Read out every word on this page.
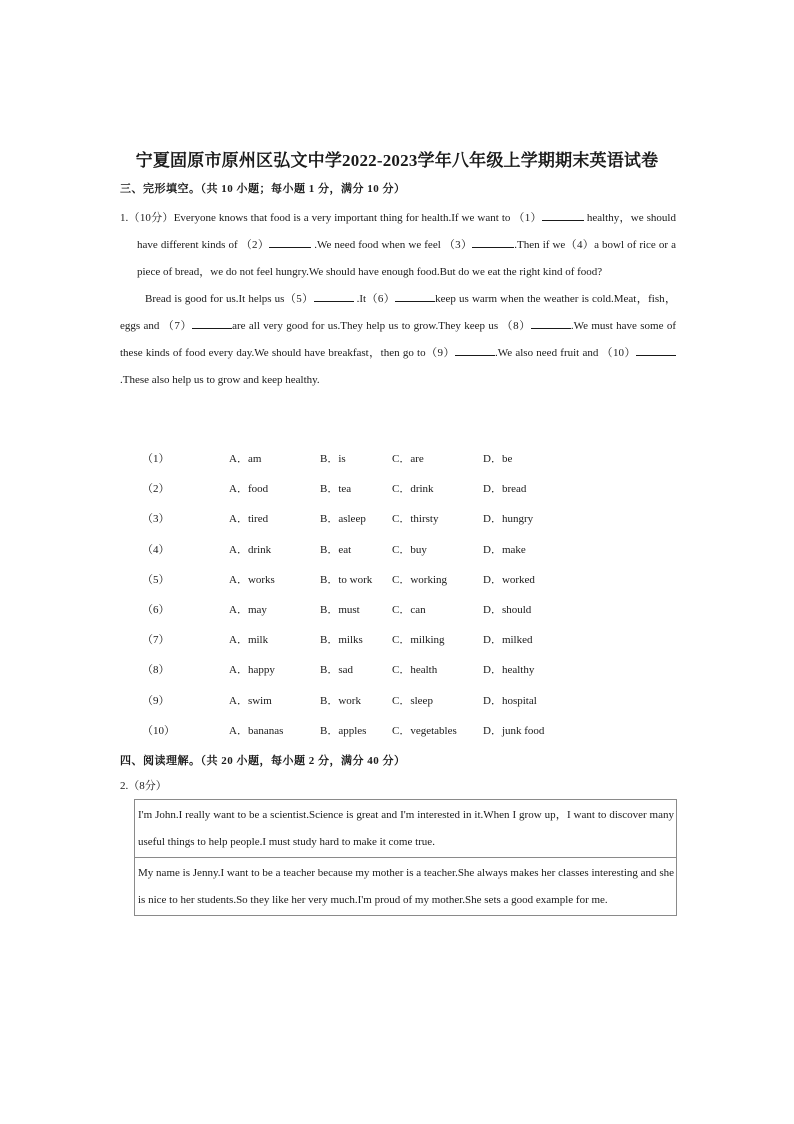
宁夏固原市原州区弘文中学2022-2023学年八年级上学期期末英语试卷
三、完形填空。（共 10 小题；每小题 1 分，满分 10 分）

1.（10分）Everyone knows that food is a very important thing for health.If we want to （1）	healthy，we should have different kinds of （2）	.We need food when we feel （3）	.Then if we（4）a bowl of rice or a piece of bread，we do not feel hungry.We should have enough food.But do we eat the right kind of food?

Bread is good for us.It helps us（5）	.It（6）	keep us warm when the weather is cold.Meat，fish，eggs and （7）	are all very good for us.They help us to grow.They keep us （8）	.We must have some of these kinds of food every day.We should have breakfast，then go to（9）	.We also need fruit and （10）.These also help us to grow and keep healthy.

（1）	A．am	B．is	C．are	D．be
（2）	A．food	B．tea	C．drink	D．bread
（3）	A．tired	B．asleep C．thirsty	D．hungry
（4）	A．drink	B．eat	C．buy	D．make
（5）	A．works	B．to work C．working	D．worked
（6）	A．may	B．must	C．can	D．should
（7）	A．milk	B．milks	C．milking	D．milked
（8）	A．happy	B．sad	C．health	D．healthy
（9）	A．swim	B．work	C．sleep	D．hospital
（10）	A．bananas	B．apples C．vegetables D．junk food
四、阅读理解。（共 20 小题，每小题 2 分，满分 40 分）
2.（8分）
I'm John.I really want to be a scientist.Science is great and I'm interested in it.When I grow up，I want to discover many useful things to help people.I must study hard to make it come true.
My name is Jenny.I want to be a teacher because my mother is a teacher.She always makes her classes interesting and she is nice to her students.So they like her very much.I'm proud of my mother.She sets a good example for me.
